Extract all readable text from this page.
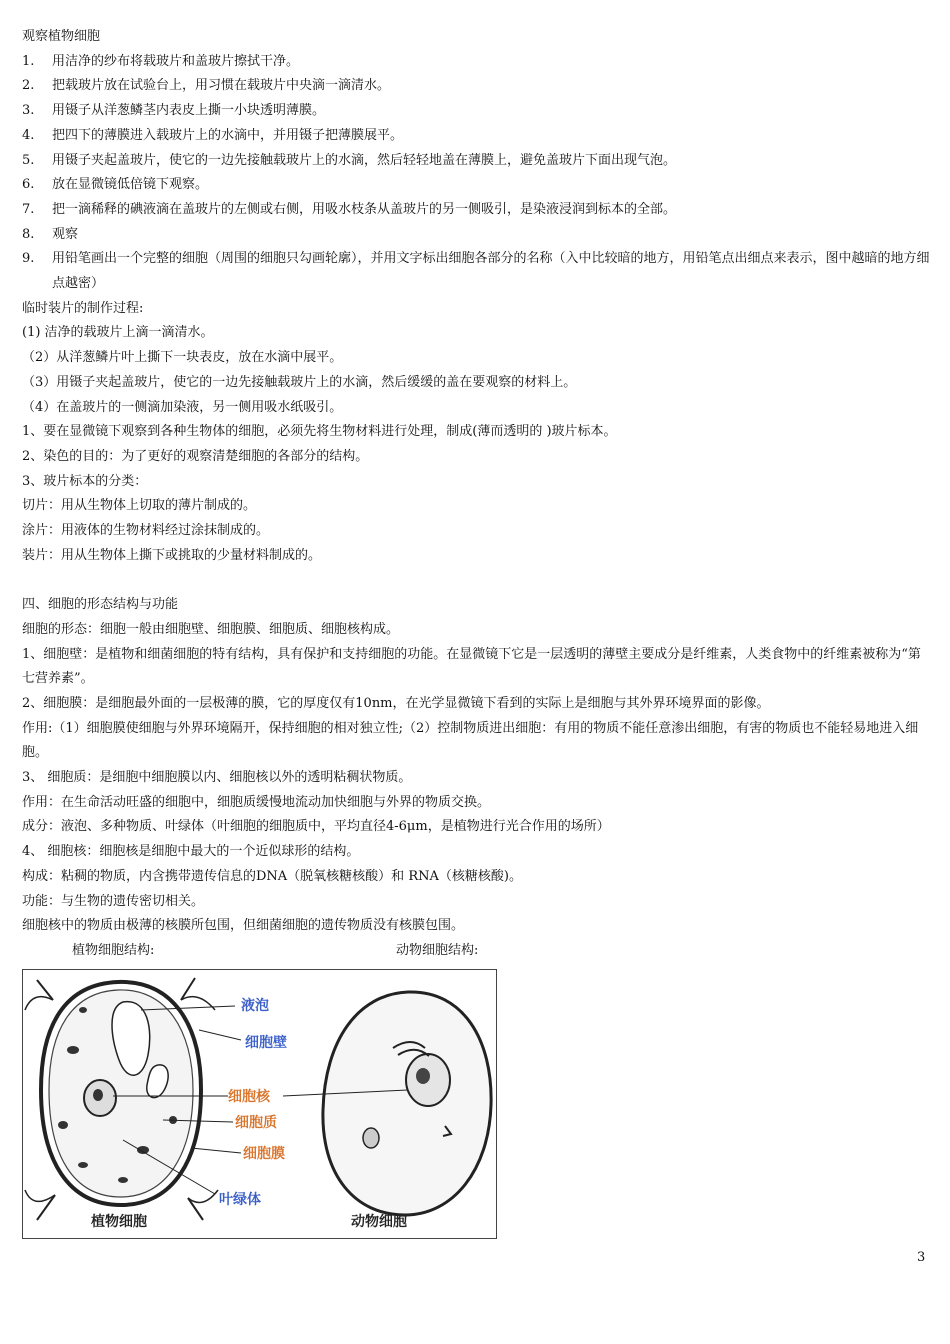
观察植物细胞
1.	用洁净的纱布将载玻片和盖玻片擦拭干净。
2.	把载玻片放在试验台上，用习惯在载玻片中央滴一滴清水。
3.	用镊子从洋葱鳞茎内表皮上撕一小块透明薄膜。
4.	把四下的薄膜进入载玻片上的水滴中，并用镊子把薄膜展平。
5.	用镊子夹起盖玻片，使它的一边先接触载玻片上的水滴，然后轻轻地盖在薄膜上，避免盖玻片下面出现气泡。
6.	放在显微镜低倍镜下观察。
7.	把一滴稀释的碘液滴在盖玻片的左侧或右侧，用吸水枝条从盖玻片的另一侧吸引，是染液浸润到标本的全部。
8.	观察
9.	用铅笔画出一个完整的细胞（周围的细胞只勾画轮廓），并用文字标出细胞各部分的名称（入中比较暗的地方，用铅笔点出细点来表示，图中越暗的地方细点越密）
临时装片的制作过程:
(1) 洁净的载玻片上滴一滴清水。
（2）从洋葱鳞片叶上撕下一块表皮，放在水滴中展平。
（3）用镊子夹起盖玻片，使它的一边先接触载玻片上的水滴，然后缓缓的盖在要观察的材料上。
（4）在盖玻片的一侧滴加染液，另一侧用吸水纸吸引。
1、要在显微镜下观察到各种生物体的细胞，必须先将生物材料进行处理，制成(薄而透明的 )玻片标本。
2、染色的目的：为了更好的观察清楚细胞的各部分的结构。
3、玻片标本的分类：
切片：用从生物体上切取的薄片制成的。
涂片：用液体的生物材料经过涂抹制成的。
装片：用从生物体上撕下或挑取的少量材料制成的。
四、细胞的形态结构与功能
细胞的形态：细胞一般由细胞壁、细胞膜、细胞质、细胞核构成。
1、细胞壁：是植物和细菌细胞的特有结构，具有保护和支持细胞的功能。在显微镜下它是一层透明的薄壁主要成分是纤维素，人类食物中的纤维素被称为“第七营养素”。
2、细胞膜：是细胞最外面的一层极薄的膜，它的厚度仅有10nm，在光学显微镜下看到的实际上是细胞与其外界环境界面的影像。
作用:（1）细胞膜使细胞与外界环境隔开，保持细胞的相对独立性;（2）控制物质进出细胞：有用的物质不能任意渗出细胞，有害的物质也不能轻易地进入细胞。
3、 细胞质：是细胞中细胞膜以内、细胞核以外的透明粘稠状物质。
作用：在生命活动旺盛的细胞中，细胞质缓慢地流动加快细胞与外界的物质交换。
成分：液泡、多种物质、叶绿体（叶细胞的细胞质中，平均直径4-6μm，是植物进行光合作用的场所）
4、 细胞核：细胞核是细胞中最大的一个近似球形的结构。
构成：粘稠的物质，内含携带遗传信息的DNA（脱氧核糖核酸）和 RNA（核糖核酸)。
功能：与生物的遗传密切相关。
细胞核中的物质由极薄的核膜所包围，但细菌细胞的遗传物质没有核膜包围。
植物细胞结构:	动物细胞结构:
液泡
细胞壁
细胞核
细胞质
细胞膜
叶绿体
植物细胞	动物细胞
3
